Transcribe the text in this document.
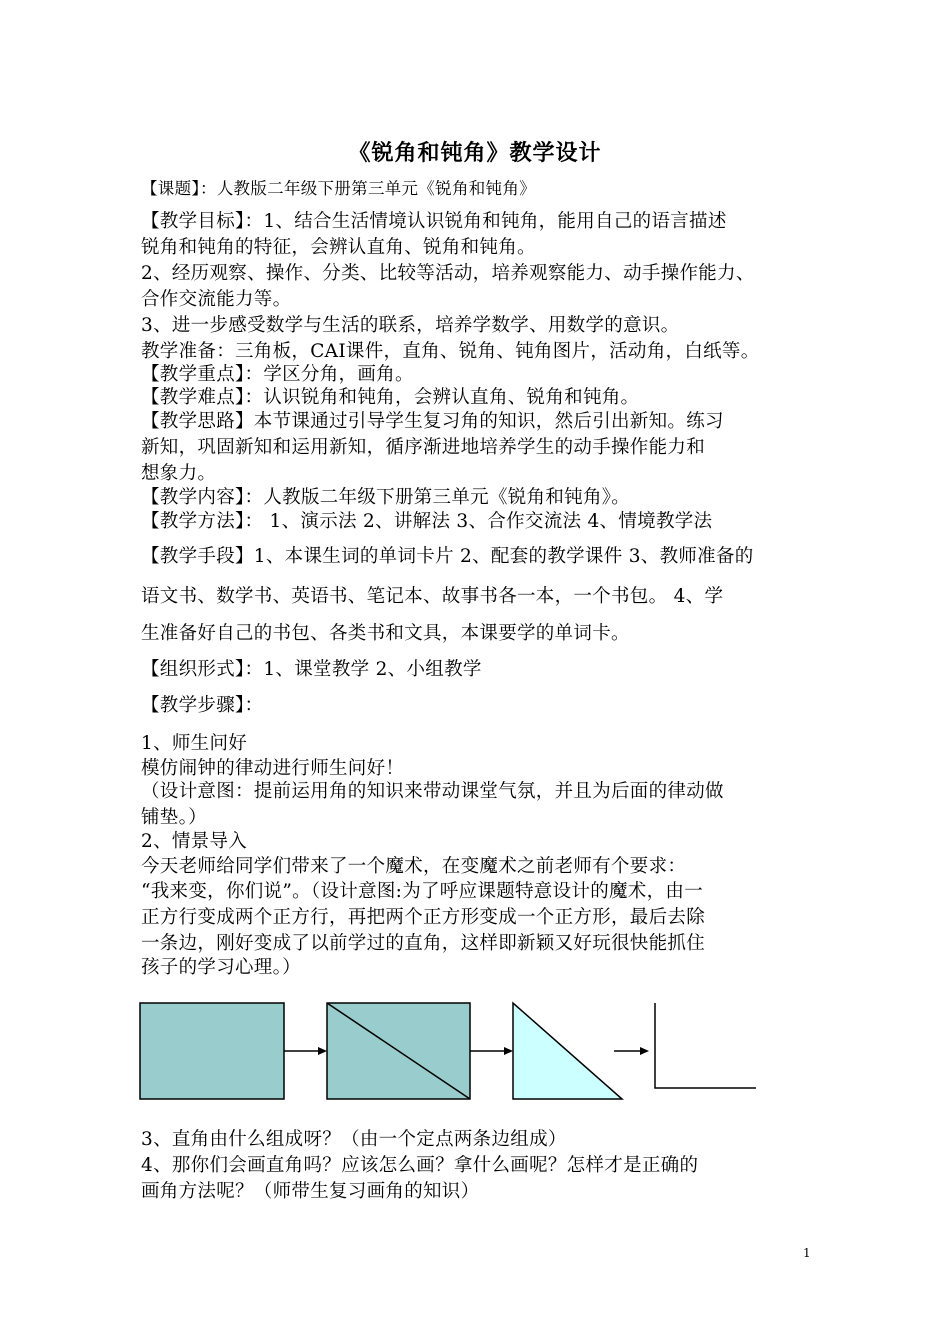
《锐角和钝角》教学设计
【课题】：人教版二年级下册第三单元《锐角和钝角》
【教学目标】：1、结合生活情境认识锐角和钝角，能用自己的语言描述
锐角和钝角的特征，会辨认直角、锐角和钝角。
2、经历观察、操作、分类、比较等活动，培养观察能力、动手操作能力、
合作交流能力等。
3、进一步感受数学与生活的联系，培养学数学、用数学的意识。
教学准备：三角板，CAI课件，直角、锐角、钝角图片，活动角，白纸等。
【教学重点】：学区分角，画角。
【教学难点】：认识锐角和钝角，会辨认直角、锐角和钝角。
【教学思路】本节课通过引导学生复习角的知识，然后引出新知。练习
新知，巩固新知和运用新知，循序渐进地培养学生的动手操作能力和
想象力。
【教学内容】：人教版二年级下册第三单元《锐角和钝角》。
【教学方法】： 1、演示法 2、讲解法 3、合作交流法 4、情境教学法
【教学手段】1、本课生词的单词卡片 2、配套的教学课件 3、教师准备的
语文书、数学书、英语书、笔记本、故事书各一本，一个书包。 4、学
生准备好自己的书包、各类书和文具，本课要学的单词卡。
【组织形式】：1、课堂教学 2、小组教学
【教学步骤】：
1、师生问好
模仿闹钟的律动进行师生问好！
（设计意图：提前运用角的知识来带动课堂气氛，并且为后面的律动做
铺垫。）
2、情景导入
今天老师给同学们带来了一个魔术，在变魔术之前老师有个要求：
“我来变，你们说”。（设计意图:为了呼应课题特意设计的魔术，由一
正方行变成两个正方行，再把两个正方形变成一个正方形，最后去除
一条边，刚好变成了以前学过的直角，这样即新颖又好玩很快能抓住
孩子的学习心理。）
3、直角由什么组成呀？（由一个定点两条边组成）
4、那你们会画直角吗？应该怎么画？拿什么画呢？怎样才是正确的
画角方法呢？（师带生复习画角的知识）
1
